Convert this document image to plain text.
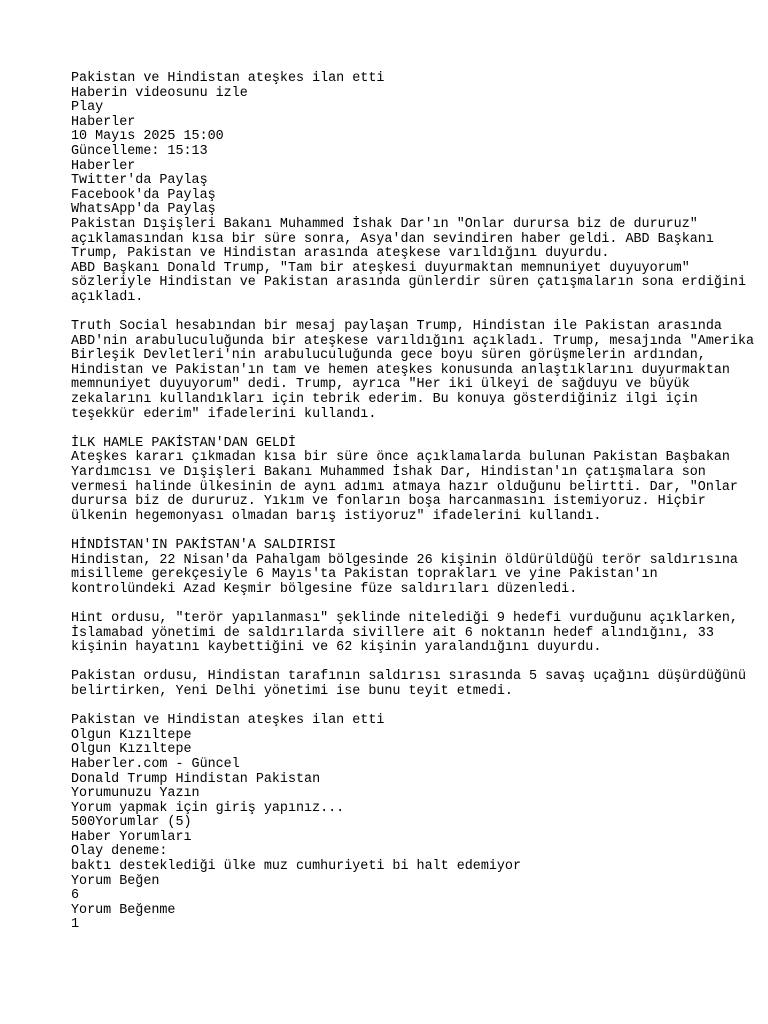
Pakistan ve Hindistan ateşkes ilan etti
Haberin videosunu izle
Play
Haberler
10 Mayıs 2025 15:00
Güncelleme: 15:13
Haberler
Twitter'da Paylaş
Facebook'da Paylaş
WhatsApp'da Paylaş

Pakistan Dışişleri Bakanı Muhammed İshak Dar'ın "Onlar durursa biz de dururuz" açıklamasından kısa bir süre sonra, Asya'dan sevindiren haber geldi. ABD Başkanı Trump, Pakistan ve Hindistan arasında ateşkese varıldığını duyurdu.

ABD Başkanı Donald Trump, "Tam bir ateşkesi duyurmaktan memnuniyet duyuyorum" sözleriyle Hindistan ve Pakistan arasında günlerdir süren çatışmaların sona erdiğini açıkladı.

Truth Social hesabından bir mesaj paylaşan Trump, Hindistan ile Pakistan arasında ABD'nin arabuluculuğunda bir ateşkese varıldığını açıkladı. Trump, mesajında "Amerika Birleşik Devletleri'nin arabuluculuğunda gece boyu süren görüşmelerin ardından, Hindistan ve Pakistan'ın tam ve hemen ateşkes konusunda anlaştıklarını duyurmaktan memnuniyet duyuyorum" dedi. Trump, ayrıca "Her iki ülkeyi de sağduyu ve büyük zekalarını kullandıkları için tebrik ederim. Bu konuya gösterdiğiniz ilgi için teşekkür ederim" ifadelerini kullandı.

İLK HAMLE PAKİSTAN'DAN GELDİ

Ateşkes kararı çıkmadan kısa bir süre önce açıklamalarda bulunan Pakistan Başbakan Yardımcısı ve Dışişleri Bakanı Muhammed İshak Dar, Hindistan'ın çatışmalara son vermesi halinde ülkesinin de aynı adımı atmaya hazır olduğunu belirtti. Dar, "Onlar durursa biz de dururuz. Yıkım ve fonların boşa harcanmasını istemiyoruz. Hiçbir ülkenin hegemonyası olmadan barış istiyoruz" ifadelerini kullandı.

HİNDİSTAN'IN PAKİSTAN'A SALDIRISI

Hindistan, 22 Nisan'da Pahalgam bölgesinde 26 kişinin öldürüldüğü terör saldırısına misilleme gerekçesiyle 6 Mayıs'ta Pakistan toprakları ve yine Pakistan'ın kontrolündeki Azad Keşmir bölgesine füze saldırıları düzenledi.

Hint ordusu, "terör yapılanması" şeklinde nitelediği 9 hedefi vurduğunu açıklarken, İslamabad yönetimi de saldırılarda sivillere ait 6 noktanın hedef alındığını, 33 kişinin hayatını kaybettiğini ve 62 kişinin yaralandığını duyurdu.

Pakistan ordusu, Hindistan tarafının saldırısı sırasında 5 savaş uçağını düşürdüğünü belirtirken, Yeni Delhi yönetimi ise bunu teyit etmedi.

Pakistan ve Hindistan ateşkes ilan etti
Olgun Kızıltepe
Olgun Kızıltepe
Haberler.com - Güncel
Donald Trump Hindistan Pakistan
Yorumunuzu Yazın
Yorum yapmak için giriş yapınız...
500Yorumlar (5)
Haber Yorumları
Olay deneme:
baktı desteklediği ülke muz cumhuriyeti bi halt edemiyor
Yorum Beğen
6
Yorum Beğenme
1
